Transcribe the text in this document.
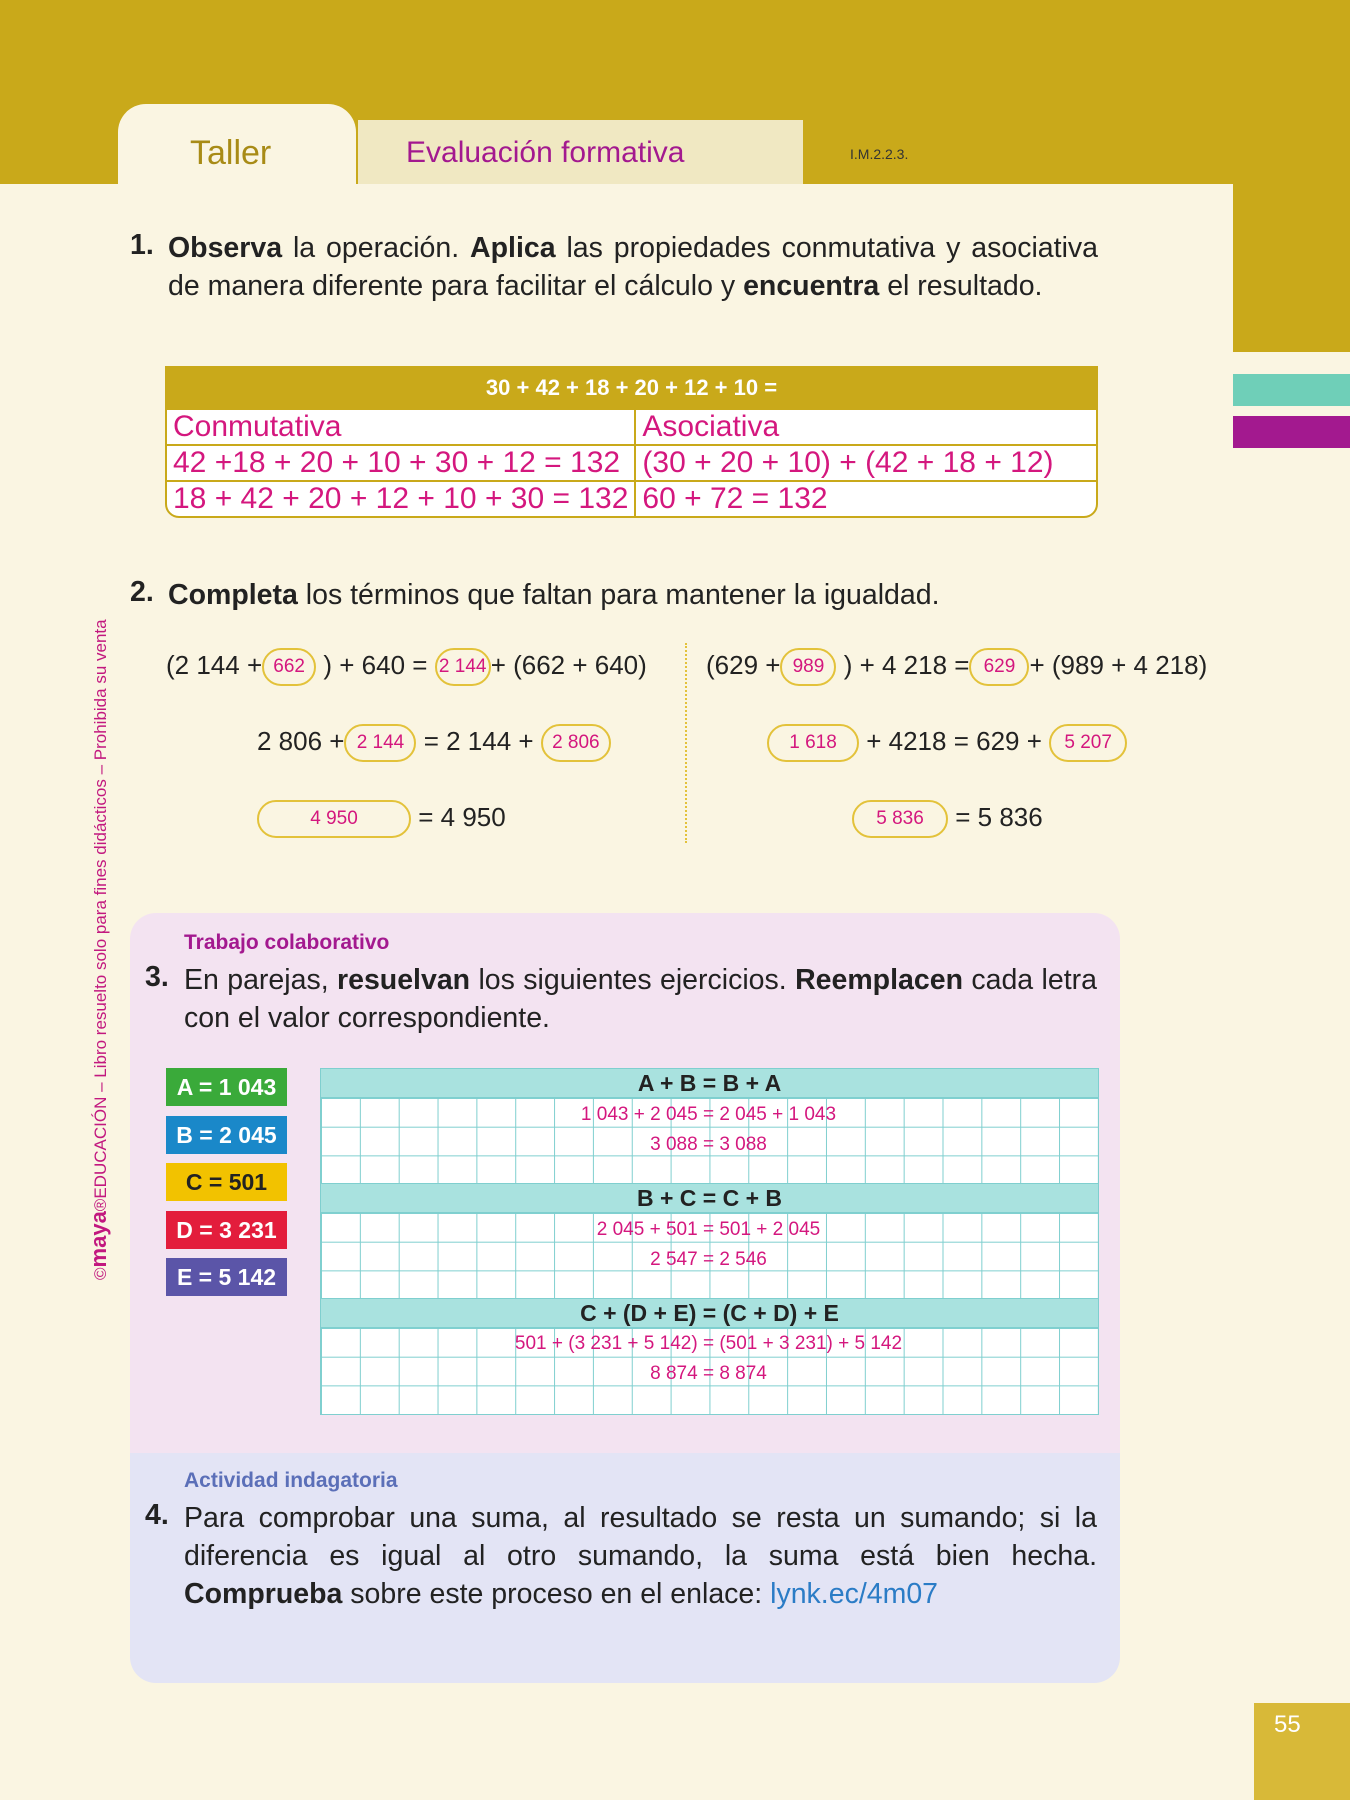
Taller	Evaluación formativa	I.M.2.2.3.
©maya®EDUCACIÓN – Libro resuelto solo para fines didácticos – Prohibida su venta
1. Observa la operación. Aplica las propiedades conmutativa y asociativa de manera diferente para facilitar el cálculo y encuentra el resultado.
30 + 42 + 18 + 20 + 12 + 10 =	
Conmutativa	Asociativa
42 +18 + 20 + 10 + 30 + 12 = 132	(30 + 20 + 10) + (42 + 18 + 12)
18 + 42 + 20 + 12 + 10 + 30 = 132	60 + 72 = 132
2. Completa los términos que faltan para mantener la igualdad.
(2 144 + 662 ) + 640 = 2 144 + (662 + 640)
2 806 + 2 144 = 2 144 + 2 806
4 950 = 4 950
(629 + 989 ) + 4 218 = 629 + (989 + 4 218)
1 618 + 4218 = 629 + 5 207
5 836 = 5 836
Trabajo colaborativo
3. En parejas, resuelvan los siguientes ejercicios. Reemplacen cada letra con el valor correspondiente.
A = 1 043
B = 2 045
C = 501
D = 3 231
E = 5 142
A + B = B + A
1 043 + 2 045 = 2 045 + 1 043
3 088 = 3 088
B + C = C + B
2 045 + 501 = 501 + 2 045
2 547 = 2 546
C + (D + E) = (C + D) + E
501 + (3 231 + 5 142) = (501 + 3 231) + 5 142
8 874 = 8 874
Actividad indagatoria
4. Para comprobar una suma, al resultado se resta un sumando; si la diferencia es igual al otro sumando, la suma está bien hecha. Comprueba sobre este proceso en el enlace: lynk.ec/4m07
55
